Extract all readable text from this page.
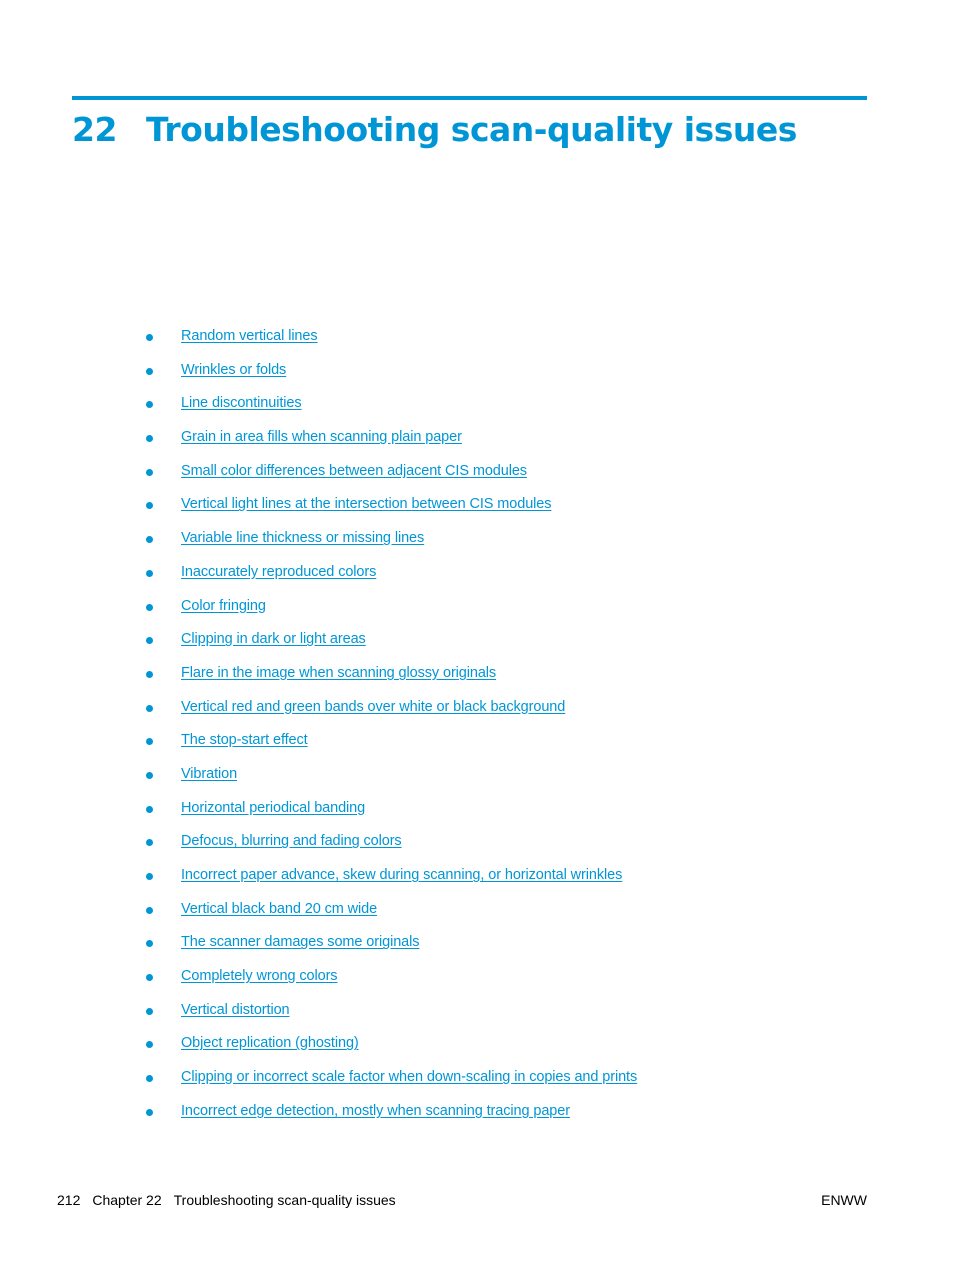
22 Troubleshooting scan-quality issues
Random vertical lines
Wrinkles or folds
Line discontinuities
Grain in area fills when scanning plain paper
Small color differences between adjacent CIS modules
Vertical light lines at the intersection between CIS modules
Variable line thickness or missing lines
Inaccurately reproduced colors
Color fringing
Clipping in dark or light areas
Flare in the image when scanning glossy originals
Vertical red and green bands over white or black background
The stop-start effect
Vibration
Horizontal periodical banding
Defocus, blurring and fading colors
Incorrect paper advance, skew during scanning, or horizontal wrinkles
Vertical black band 20 cm wide
The scanner damages some originals
Completely wrong colors
Vertical distortion
Object replication (ghosting)
Clipping or incorrect scale factor when down-scaling in copies and prints
Incorrect edge detection, mostly when scanning tracing paper
212 Chapter 22 Troubleshooting scan-quality issues	ENWW
